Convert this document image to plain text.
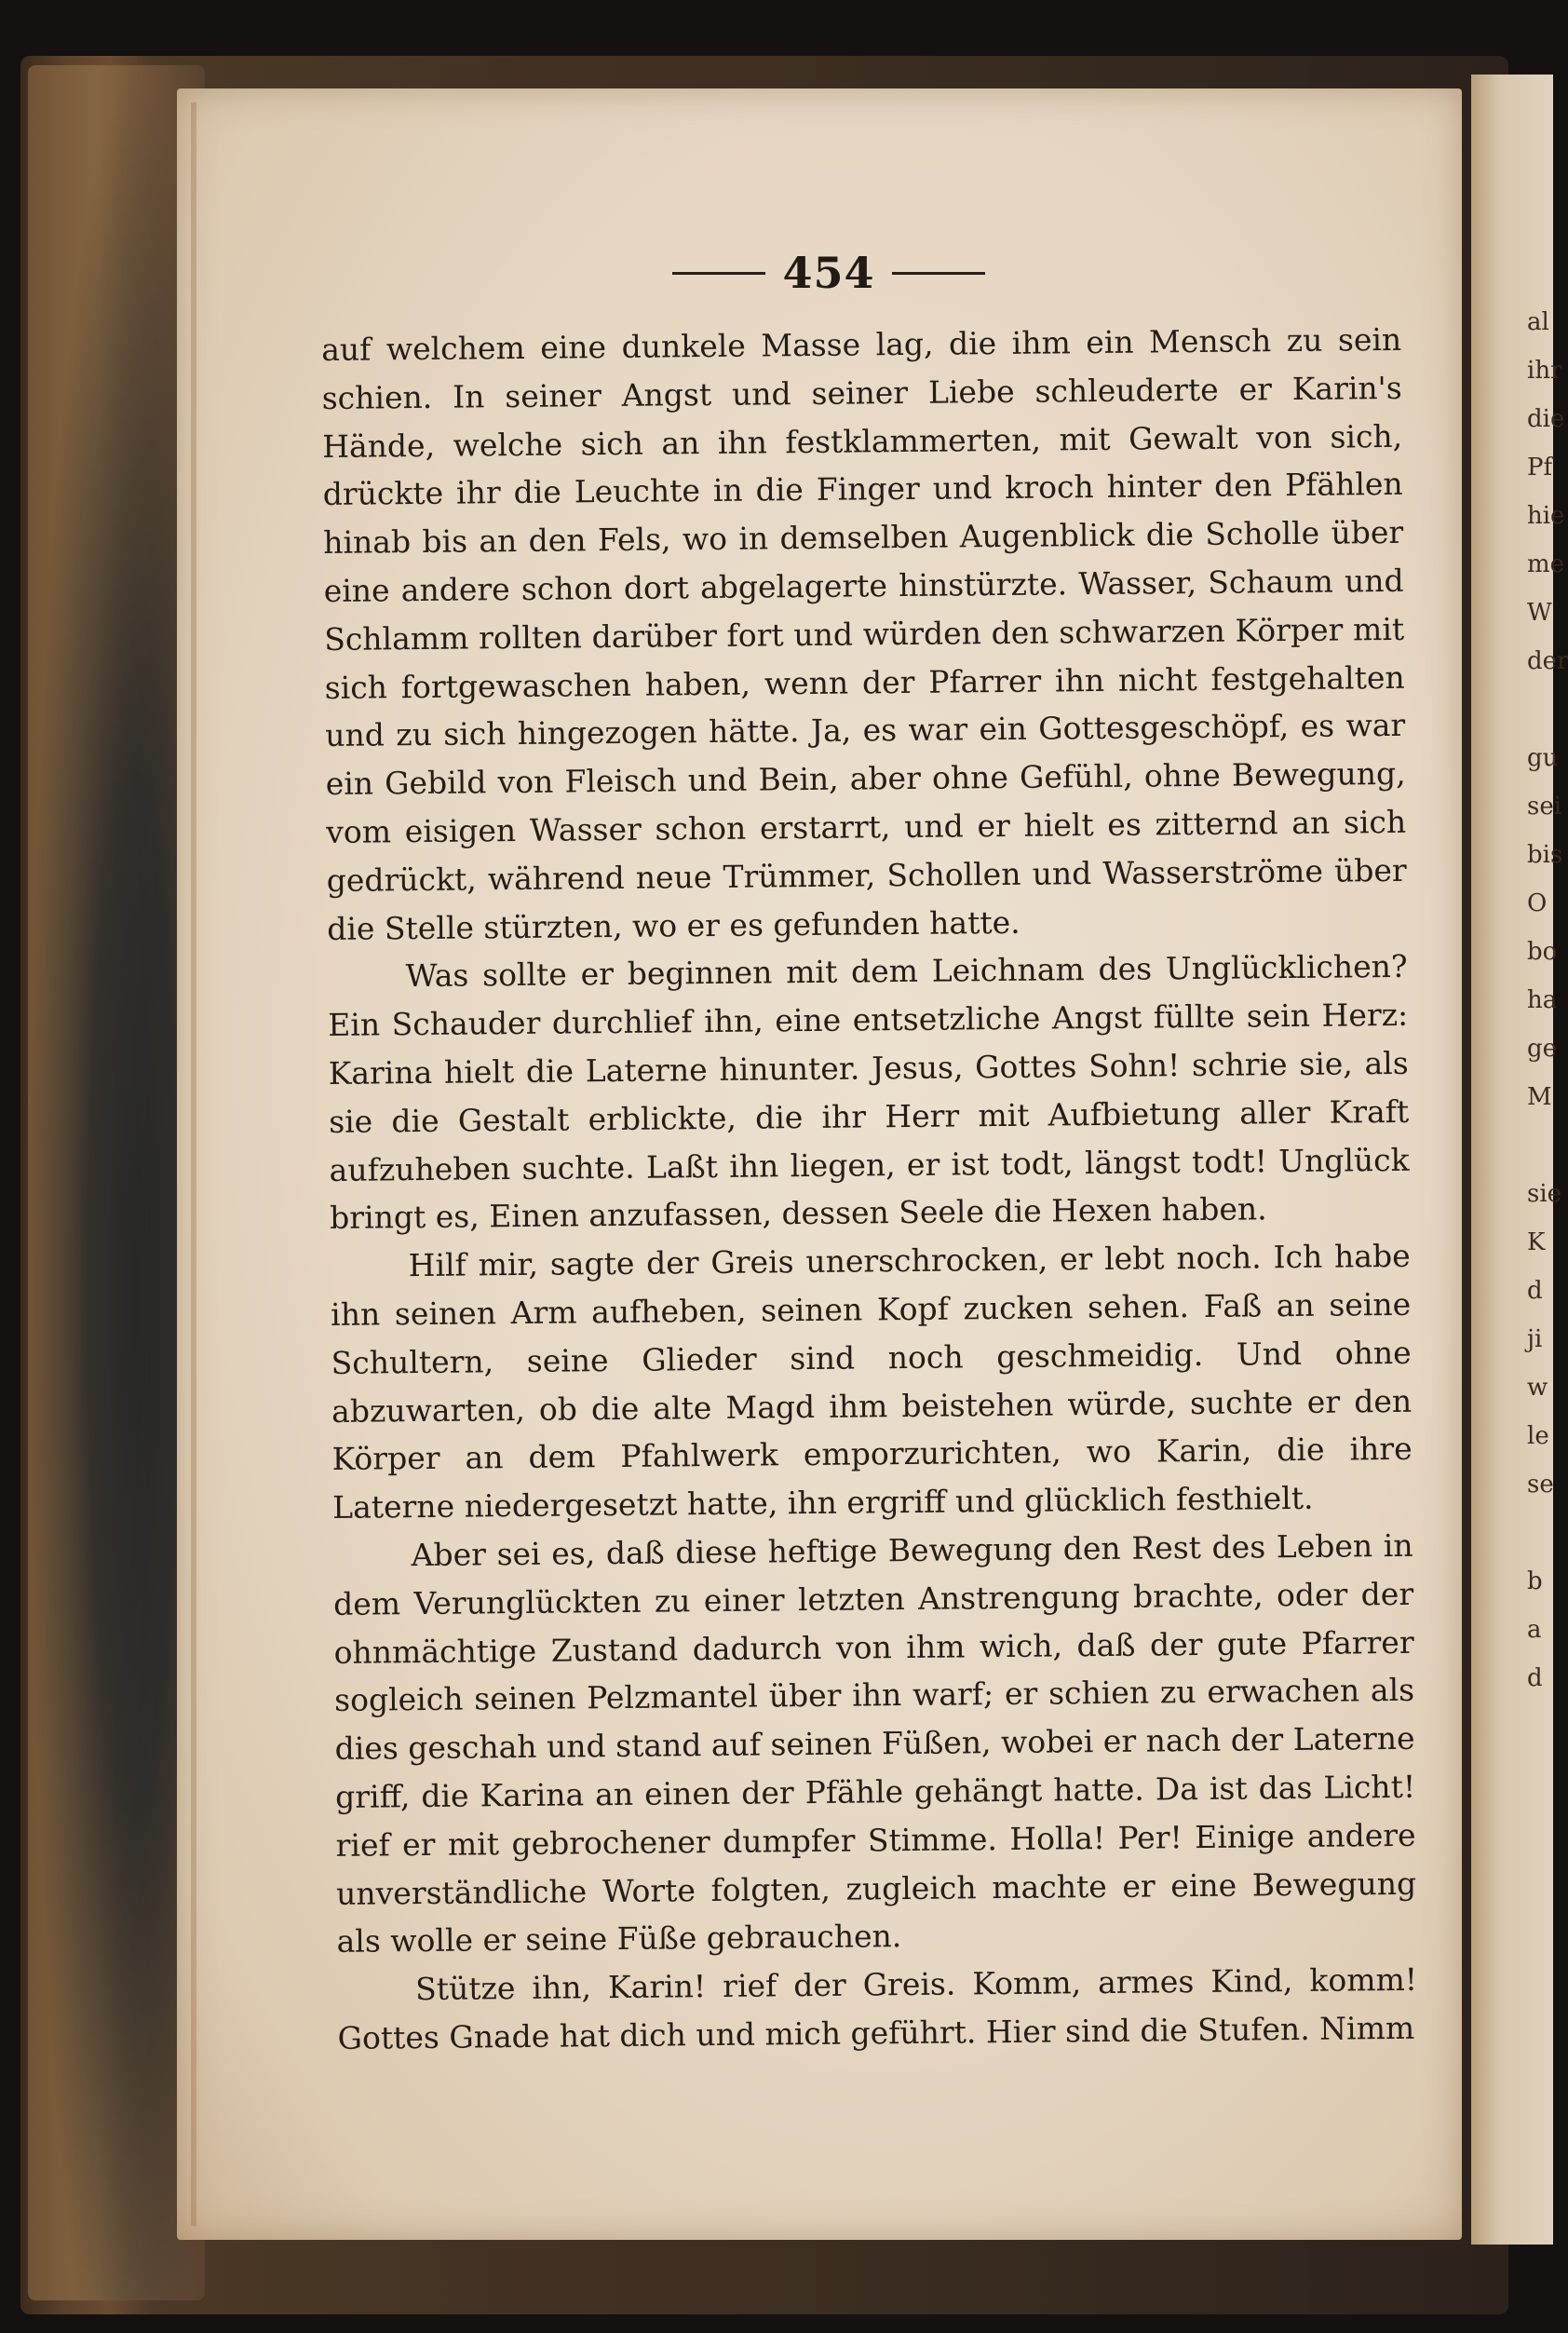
al
ihr
die
Pf
hie
me
W
der

gu
sei
bis
O
bo
ha
ge
M

sie
K
d
ji
w
le
se

b
a
d
454

auf welchem eine dunkele Masse lag, die ihm ein Mensch zu sein schien. In seiner Angst und seiner Liebe schleuderte er Karin's Hände, welche sich an ihn festklammerten, mit Gewalt von sich, drückte ihr die Leuchte in die Finger und kroch hinter den Pfählen hinab bis an den Fels, wo in demselben Augenblick die Scholle über eine andere schon dort abgelagerte hinstürzte. Wasser, Schaum und Schlamm rollten darüber fort und würden den schwarzen Körper mit sich fortgewaschen haben, wenn der Pfarrer ihn nicht festgehalten und zu sich hingezogen hätte. Ja, es war ein Gottesgeschöpf, es war ein Gebild von Fleisch und Bein, aber ohne Gefühl, ohne Bewegung, vom eisigen Wasser schon erstarrt, und er hielt es zitternd an sich gedrückt, während neue Trümmer, Schollen und Wasserströme über die Stelle stürzten, wo er es gefunden hatte.

Was sollte er beginnen mit dem Leichnam des Unglücklichen? Ein Schauder durchlief ihn, eine entsetzliche Angst füllte sein Herz: Karina hielt die Laterne hinunter. Jesus, Gottes Sohn! schrie sie, als sie die Gestalt erblickte, die ihr Herr mit Aufbietung aller Kraft aufzuheben suchte. Laßt ihn liegen, er ist todt, längst todt! Unglück bringt es, Einen anzufassen, dessen Seele die Hexen haben.

Hilf mir, sagte der Greis unerschrocken, er lebt noch. Ich habe ihn seinen Arm aufheben, seinen Kopf zucken sehen. Faß an seine Schultern, seine Glieder sind noch geschmeidig. Und ohne abzuwarten, ob die alte Magd ihm beistehen würde, suchte er den Körper an dem Pfahlwerk emporzurichten, wo Karin, die ihre Laterne niedergesetzt hatte, ihn ergriff und glücklich festhielt.

Aber sei es, daß diese heftige Bewegung den Rest des Leben in dem Verunglückten zu einer letzten Anstrengung brachte, oder der ohnmächtige Zustand dadurch von ihm wich, daß der gute Pfarrer sogleich seinen Pelzmantel über ihn warf; er schien zu erwachen als dies geschah und stand auf seinen Füßen, wobei er nach der Laterne griff, die Karina an einen der Pfähle gehängt hatte. Da ist das Licht! rief er mit gebrochener dumpfer Stimme. Holla! Per! Einige andere unverständliche Worte folgten, zugleich machte er eine Bewegung als wolle er seine Füße gebrauchen.

Stütze ihn, Karin! rief der Greis. Komm, armes Kind, komm! Gottes Gnade hat dich und mich geführt. Hier sind die Stufen. Nimm
